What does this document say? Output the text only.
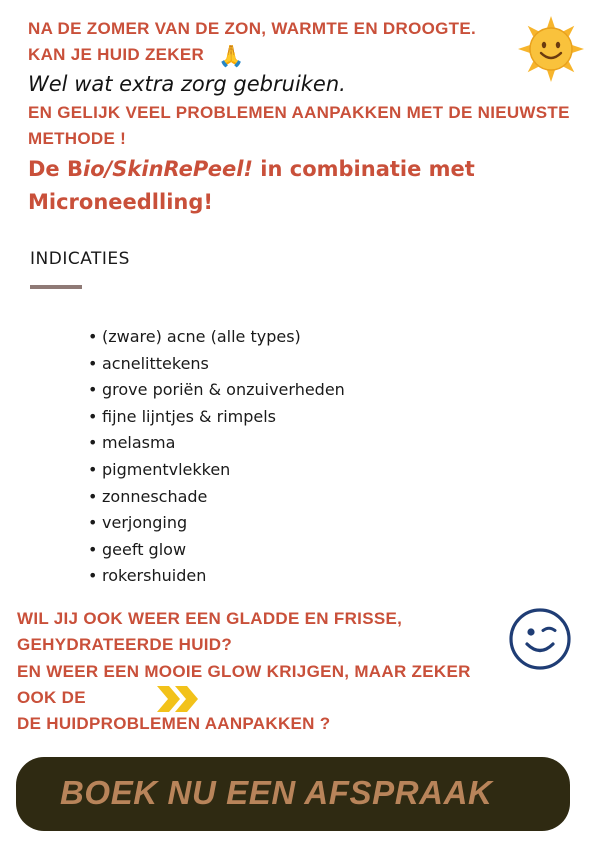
NA DE ZOMER VAN DE ZON, WARMTE EN DROOGTE.
KAN JE HUID ZEKER 🙏
Wel wat extra zorg gebruiken.
EN GELIJK VEEL PROBLEMEN AANPAKKEN MET DE NIEUWSTE
METHODE !
De Bio/SkinRePeel! in combinatie met
Microneedlling!
INDICATIES
• (zware) acne (alle types)
• acnelittekens
• grove poriën & onzuiverheden
• fijne lijntjes & rimpels
• melasma
• pigmentvlekken
• zonneschade
• verjonging
• geeft glow
• rokershuiden
WIL JIJ OOK WEER EEN GLADDE EN FRISSE,
GEHYDRATEERDE HUID?
EN WEER EEN MOOIE GLOW KRIJGEN, MAAR ZEKER
OOK DE
DE HUIDPROBLEMEN AANPAKKEN ?
BOEK NU EEN AFSPRAAK
